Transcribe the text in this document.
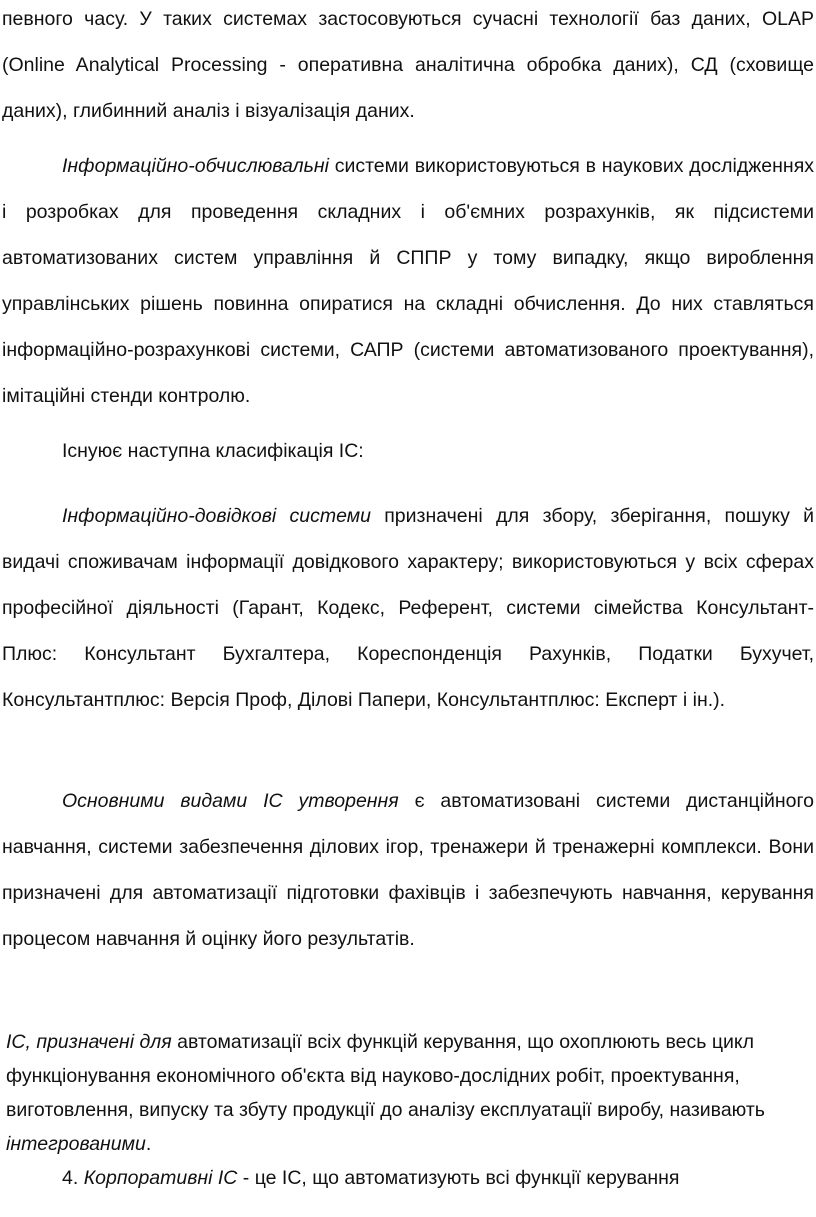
певного часу. У таких системах застосовуються сучасні технології баз даних, OLAP (Online Analytical Processing - оперативна аналітична обробка даних), СД (сховище даних), глибинний аналіз і візуалізація даних.

Інформаційно-обчислювальні системи використовуються в наукових дослідженнях і розробках для проведення складних і об'ємних розрахунків, як підсистеми автоматизованих систем управління й СППР у тому випадку, якщо вироблення управлінських рішень повинна опиратися на складні обчислення. До них ставляться інформаційно-розрахункові системи, САПР (системи автоматизованого проектування), імітаційні стенди контролю.

Існуює наступна класифікація ІС:

Інформаційно-довідкові системи призначені для збору, зберігання, пошуку й видачі споживачам інформації довідкового характеру; використовуються у всіх сферах професійної діяльності (Гарант, Кодекс, Референт, системи сімейства Консультант- Плюс: Консультант Бухгалтера, Кореспонденція Рахунків, Податки Бухучет, Консультантплюс: Версія Проф, Ділові Папери, Консультантплюс: Експерт і ін.).

Основними видами ІС утворення є автоматизовані системи дистанційного навчання, системи забезпечення ділових ігор, тренажери й тренажерні комплекси. Вони призначені для автоматизації підготовки фахівців і забезпечують навчання, керування процесом навчання й оцінку його результатів.

ІС, призначені для автоматизації всіх функцій керування, що охоплюють весь цикл функціонування економічного об'єкта від науково-дослідних робіт, проектування, виготовлення, випуску та збуту продукції до аналізу експлуатації виробу, називають інтегрованими.

4. Корпоративні ІС - це ІС, що автоматизують всі функції керування
